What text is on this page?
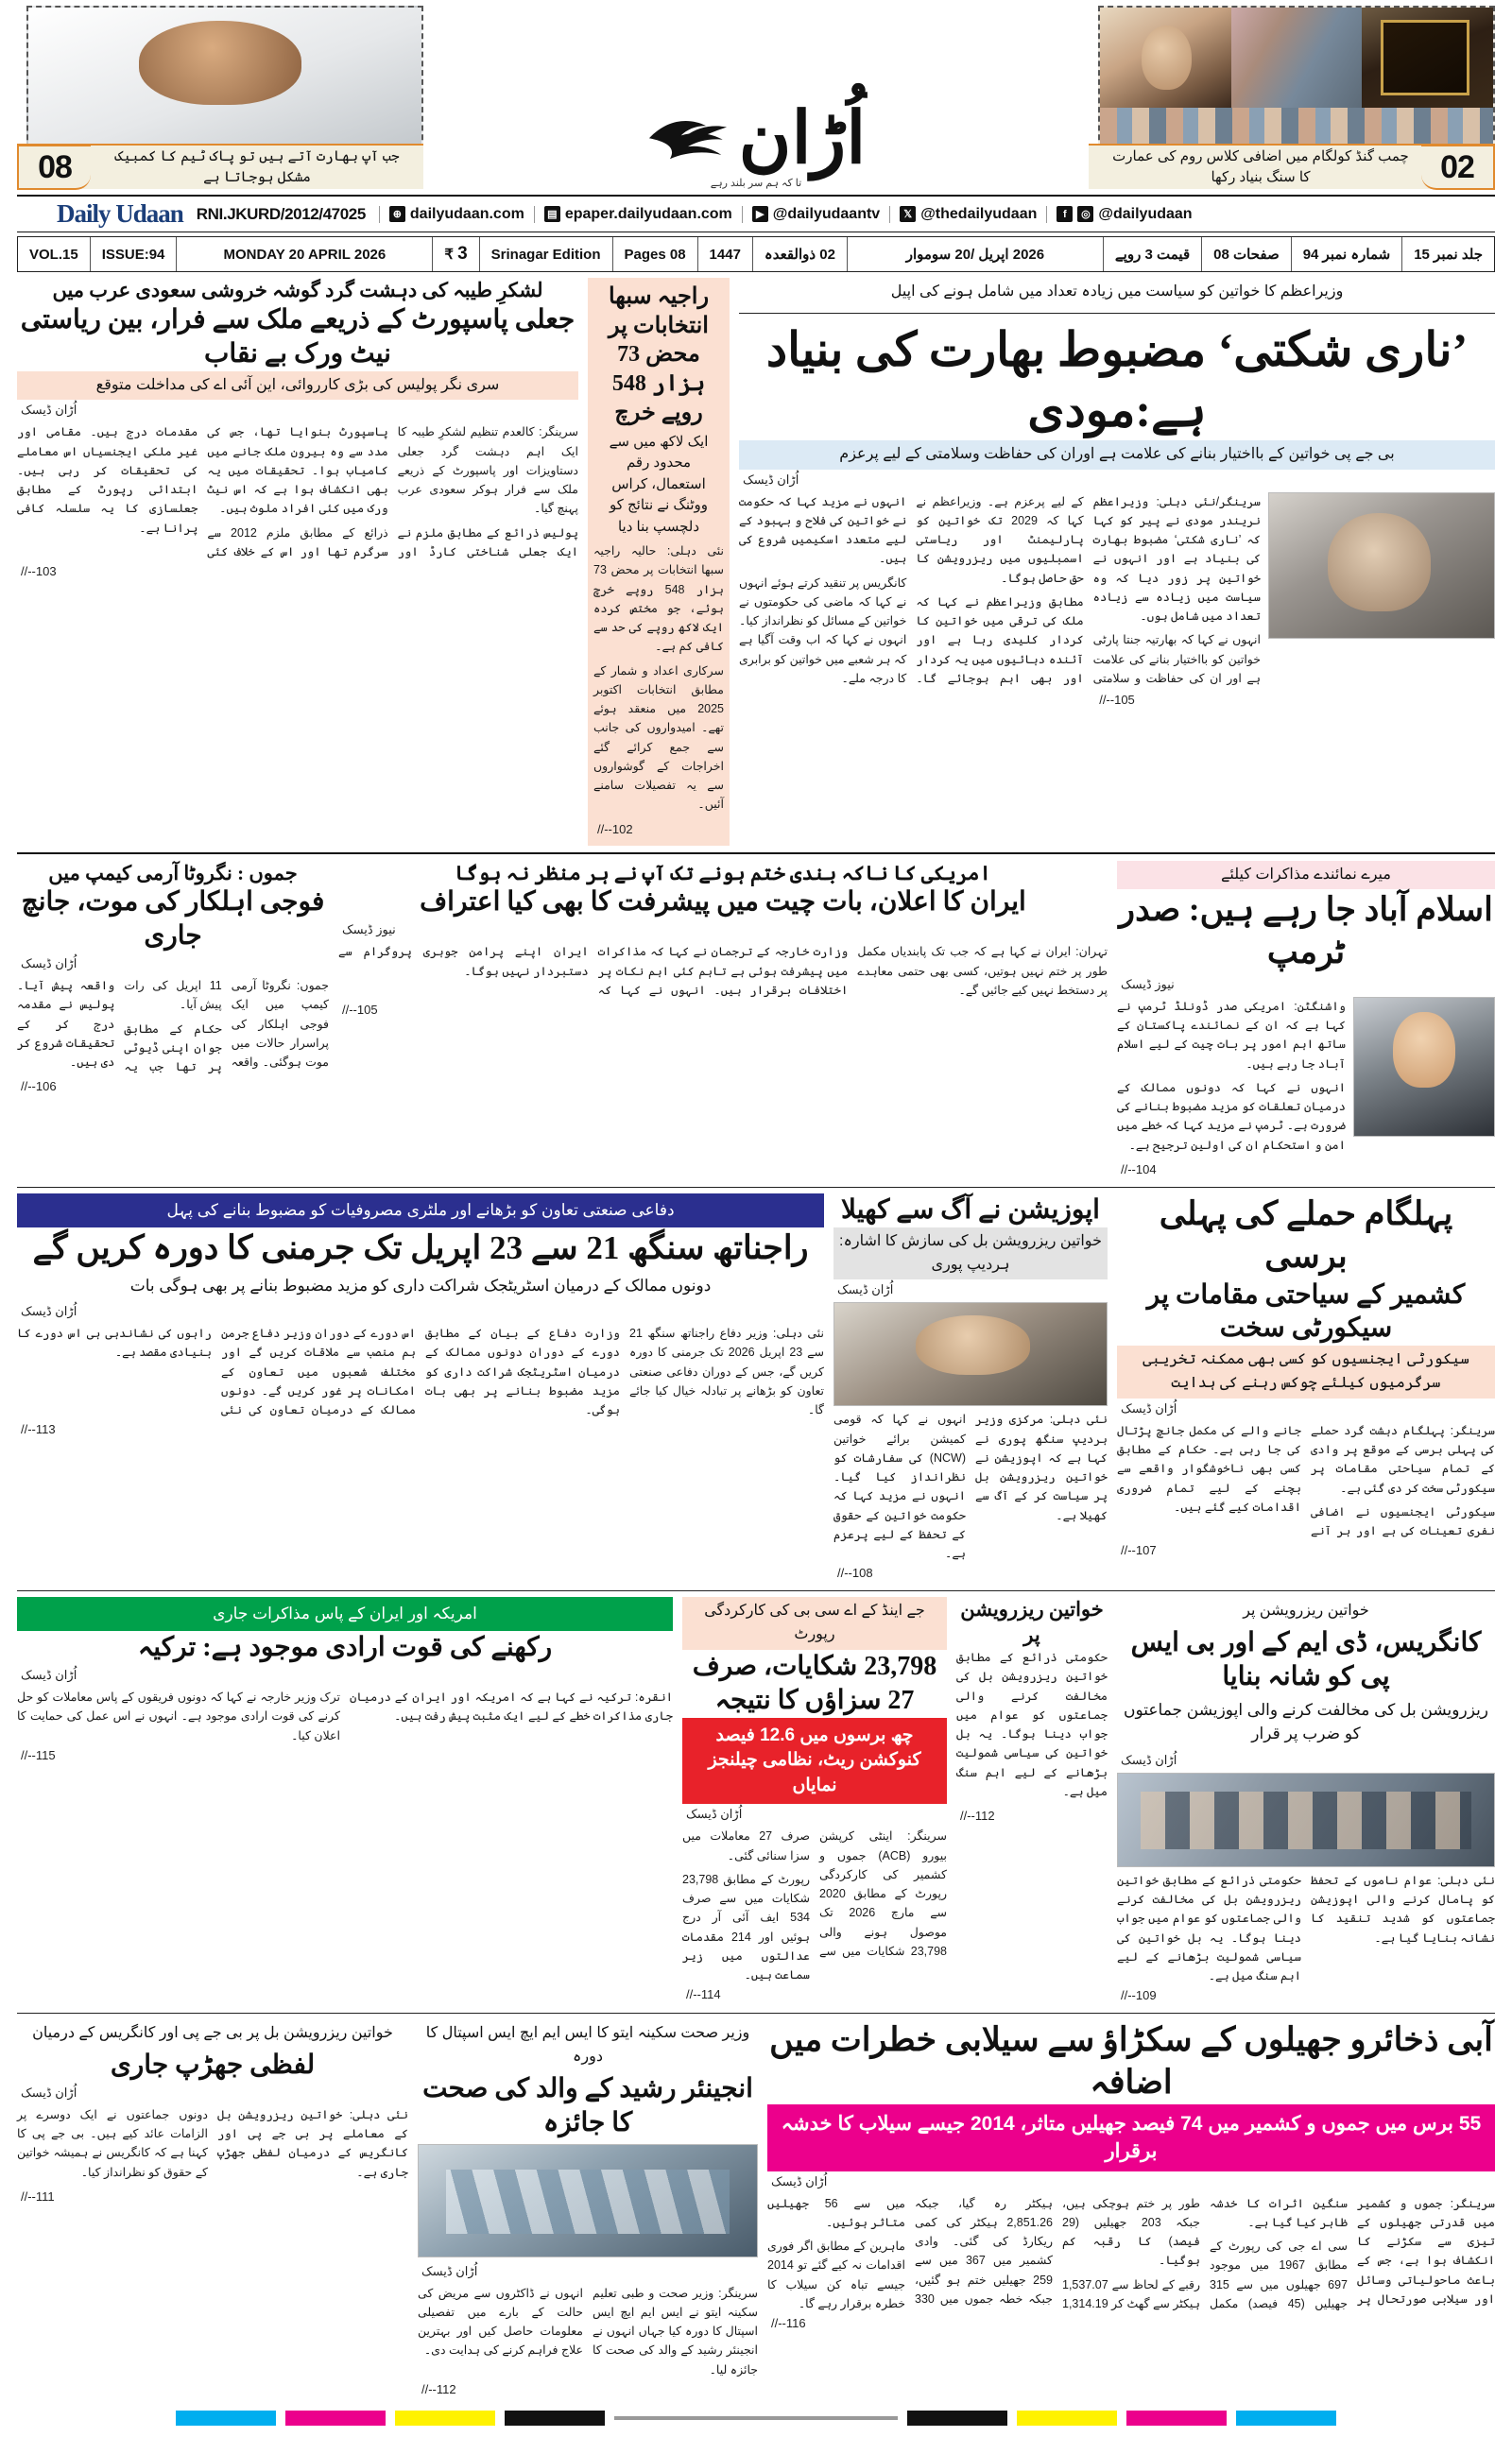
02
چمب گنڈ کولگام میں اضافی کلاس روم کی عمارت کا سنگ بنیاد رکھا
اُڑان
تا کہ ہم سر بلند رہے
08	جب آپ بھارت آتے ہیں تو پاک ٹیم کا کمبیک مشکل ہوجاتا ہے
Daily Udaan RNI.JKURD/2012/47025	⊕ dailyudaan.com ▤ epaper.dailyudaan.com	▶ @dailyudaantv	𝕏 @thedailyudaan	f	◎ @dailyudaan
VOL.15	ISSUE:94	MONDAY 20 APRIL 2026	₹
3	Srinagar Edition	Pages 08	1447	02 ذوالقعدہ	2026 اپریل /20 سوموار	قیمت 3 روپے	صفحات 08	شمارہ نمبر 94	جلد نمبر 15
وزیراعظم کا خواتین کو سیاست میں زیادہ تعداد میں شامل ہونے کی اپیل
’ناری شکتی‘ مضبوط بھارت کی بنیاد ہے:مودی
بی جے پی خواتین کے بااختیار بنانے کی علامت ہے اوران کی حفاظت وسلامتی کے لیے پرعزم
اُڑان ڈیسک

سرینگر/نئی دہلی: وزیراعظم نریندر مودی نے پیر کو کہا کہ ’ناری شکتی‘ مضبوط بھارت کی بنیاد ہے اور انہوں نے خواتین پر زور دیا کہ وہ سیاست میں زیادہ سے زیادہ تعداد میں شامل ہوں۔

انہوں نے کہا کہ بھارتیہ جنتا پارٹی خواتین کو بااختیار بنانے کی علامت ہے اور ان کی حفاظت و سلامتی کے لیے پرعزم ہے۔ وزیراعظم نے کہا کہ 2029 تک خواتین کو پارلیمنٹ اور ریاستی اسمبلیوں میں ریزرویشن کا حق حاصل ہوگا۔

مطابق وزیراعظم نے کہا کہ ملک کی ترقی میں خواتین کا کردار کلیدی رہا ہے اور آئندہ دہائیوں میں یہ کردار اور بھی اہم ہوجائے گا۔ انہوں نے مزید کہا کہ حکومت نے خواتین کی فلاح و بہبود کے لیے متعدد اسکیمیں شروع کی ہیں۔

کانگریس پر تنقید کرتے ہوئے انہوں نے کہا کہ ماضی کی حکومتوں نے خواتین کے مسائل کو نظرانداز کیا۔ انہوں نے کہا کہ اب وقت آگیا ہے کہ ہر شعبے میں خواتین کو برابری کا درجہ ملے۔

105--//
راجیہ سبھا انتخابات پر محض 73 ہزار 548 روپے خرچ
ایک لاکھ میں سے محدود رقم استعمال، کراس ووٹنگ نے نتائج کو دلچسپ بنا دیا

نئی دہلی: حالیہ راجیہ سبھا انتخابات پر محض 73 ہزار 548 روپے خرچ ہوئے، جو مختص کردہ ایک لاکھ روپے کی حد سے کافی کم ہے۔

سرکاری اعداد و شمار کے مطابق انتخابات اکتوبر 2025 میں منعقد ہوئے تھے۔ امیدواروں کی جانب سے جمع کرائے گئے اخراجات کے گوشواروں سے یہ تفصیلات سامنے آئیں۔

102--//
لشکرِ طیبہ کی دہشت گرد گوشہ خروشی سعودی عرب میں
جعلی پاسپورٹ کے ذریعے ملک سے فرار، بین ریاستی نیٹ ورک بے نقاب
سری نگر پولیس کی بڑی کارروائی، این آئی اے کی مداخلت متوقع
اُڑان ڈیسک

سرینگر: کالعدم تنظیم لشکرِ طیبہ کا ایک اہم دہشت گرد جعلی دستاویزات اور پاسپورٹ کے ذریعے ملک سے فرار ہوکر سعودی عرب پہنچ گیا۔

پولیس ذرائع کے مطابق ملزم نے ایک جعلی شناختی کارڈ اور پاسپورٹ بنوایا تھا، جس کی مدد سے وہ بیرون ملک جانے میں کامیاب ہوا۔ تحقیقات میں یہ بھی انکشاف ہوا ہے کہ اس نیٹ ورک میں کئی افراد ملوث ہیں۔

ذرائع کے مطابق ملزم 2012 سے سرگرم تھا اور اس کے خلاف کئی مقدمات درج ہیں۔ مقامی اور غیر ملکی ایجنسیاں اس معاملے کی تحقیقات کر رہی ہیں۔ ابتدائی رپورٹ کے مطابق جعلسازی کا یہ سلسلہ کافی پرانا ہے۔

103--//
میرے نمائندے مذاکرات کیلئے
اسلام آباد جا رہے ہیں: صدر ٹرمپ
نیوز ڈیسک

واشنگٹن: امریکی صدر ڈونلڈ ٹرمپ نے کہا ہے کہ ان کے نمائندے پاکستان کے ساتھ اہم امور پر بات چیت کے لیے اسلام آباد جا رہے ہیں۔

انہوں نے کہا کہ دونوں ممالک کے درمیان تعلقات کو مزید مضبوط بنانے کی ضرورت ہے۔ ٹرمپ نے مزید کہا کہ خطے میں امن و استحکام ان کی اولین ترجیح ہے۔

104--//
امریکی کا ناکہ بندی ختم ہونے تک آپ نے ہر منظر نہ ہوگا
ایران کا اعلان، بات چیت میں پیشرفت کا بھی کیا اعتراف
نیوز ڈیسک

تہران: ایران نے کہا ہے کہ جب تک پابندیاں مکمل طور پر ختم نہیں ہوتیں، کسی بھی حتمی معاہدے پر دستخط نہیں کیے جائیں گے۔

وزارت خارجہ کے ترجمان نے کہا کہ مذاکرات میں پیشرفت ہوئی ہے تاہم کئی اہم نکات پر اختلافات برقرار ہیں۔ انہوں نے کہا کہ ایران اپنے پرامن جوہری پروگرام سے دستبردار نہیں ہوگا۔

105--//
جموں : نگروٹا آرمی کیمپ میں
فوجی اہلکار کی موت، جانچ جاری
اُڑان ڈیسک

جموں: نگروٹا آرمی کیمپ میں ایک فوجی اہلکار کی پراسرار حالات میں موت ہوگئی۔ واقعہ 11 اپریل کی رات پیش آیا۔

حکام کے مطابق جوان اپنی ڈیوٹی پر تھا جب یہ واقعہ پیش آیا۔ پولیس نے مقدمہ درج کر کے تحقیقات شروع کر دی ہیں۔

106--//
پہلگام حملے کی پہلی برسی
کشمیر کے سیاحتی مقامات پر سیکورٹی سخت
سیکورٹی ایجنسیوں کو کسی بھی ممکنہ تخریبی سرگرمیوں کیلئے چوکس رہنے کی ہدایت
اُڑان ڈیسک

سرینگر: پہلگام دہشت گرد حملے کی پہلی برسی کے موقع پر وادی کے تمام سیاحتی مقامات پر سیکورٹی سخت کر دی گئی ہے۔

سیکورٹی ایجنسیوں نے اضافی نفری تعینات کی ہے اور ہر آنے جانے والے کی مکمل جانچ پڑتال کی جا رہی ہے۔ حکام کے مطابق کسی بھی ناخوشگوار واقعے سے بچنے کے لیے تمام ضروری اقدامات کیے گئے ہیں۔

107--//
اپوزیشن نے آگ سے کھیلا
خواتین ریزرویشن بل کی سازش کا اشارہ: ہردیپ پوری
اُڑان ڈیسک

نئی دہلی: مرکزی وزیر ہردیپ سنگھ پوری نے کہا ہے کہ اپوزیشن نے خواتین ریزرویشن بل پر سیاست کر کے آگ سے کھیلا ہے۔

انہوں نے کہا کہ قومی کمیشن برائے خواتین (NCW) کی سفارشات کو نظرانداز کیا گیا۔ انہوں نے مزید کہا کہ حکومت خواتین کے حقوق کے تحفظ کے لیے پرعزم ہے۔

108--//
دفاعی صنعتی تعاون کو بڑھانے اور ملٹری مصروفیات کو مضبوط بنانے کی پہل
راجناتھ سنگھ 21 سے 23 اپریل تک جرمنی کا دورہ کریں گے
دونوں ممالک کے درمیان اسٹریٹجک شراکت داری کو مزید مضبوط بنانے پر بھی ہوگی بات
اُڑان ڈیسک

نئی دہلی: وزیر دفاع راجناتھ سنگھ 21 سے 23 اپریل 2026 تک جرمنی کا دورہ کریں گے، جس کے دوران دفاعی صنعتی تعاون کو بڑھانے پر تبادلہ خیال کیا جائے گا۔

وزارت دفاع کے بیان کے مطابق دورے کے دوران دونوں ممالک کے درمیان اسٹریٹجک شراکت داری کو مزید مضبوط بنانے پر بھی بات ہوگی۔

اس دورے کے دوران وزیر دفاع جرمن ہم منصب سے ملاقات کریں گے اور مختلف شعبوں میں تعاون کے امکانات پر غور کریں گے۔ دونوں ممالک کے درمیان تعاون کی نئی راہوں کی نشاندہی ہی اس دورے کا بنیادی مقصد ہے۔

113--//
خواتین ریزرویشن پر
کانگریس، ڈی ایم کے اور بی ایس پی کو شانہ بنایا
ریزرویشن بل کی مخالفت کرنے والی اپوزیشن جماعتوں کو ضرب پر قرار
اُڑان ڈیسک

نئی دہلی: عوام ناموں کے تحفظ کو پامال کرنے والی اپوزیشن جماعتوں کو شدید تنقید کا نشانہ بنایا گیا ہے۔

حکومتی ذرائع کے مطابق خواتین ریزرویشن بل کی مخالفت کرنے والی جماعتوں کو عوام میں جواب دینا ہوگا۔ یہ بل خواتین کی سیاسی شمولیت بڑھانے کے لیے اہم سنگ میل ہے۔

109--//
خواتین ریزرویشن پر

حکومتی ذرائع کے مطابق خواتین ریزرویشن بل کی مخالفت کرنے والی جماعتوں کو عوام میں جواب دینا ہوگا۔ یہ بل خواتین کی سیاسی شمولیت بڑھانے کے لیے اہم سنگ میل ہے۔

112--//
جے اینڈ کے اے سی بی کی کارکردگی رپورٹ
23,798 شکایات، صرف 27 سزاؤں کا نتیجہ
چھ برسوں میں 12.6 فیصد کنوکشن ریٹ، نظامی چیلنجز نمایاں
اُڑان ڈیسک

سرینگر: اینٹی کرپشن بیورو (ACB) جموں و کشمیر کی کارکردگی رپورٹ کے مطابق 2020 سے مارچ 2026 تک موصول ہونے والی 23,798 شکایات میں سے صرف 27 معاملات میں سزا سنائی گئی۔

رپورٹ کے مطابق 23,798 شکایات میں سے صرف 534 ایف آئی آر درج ہوئیں اور 214 مقدمات عدالتوں میں زیر سماعت ہیں۔

114--//
امریکہ اور ایران کے پاس مذاکرات جاری
رکھنے کی قوت ارادی موجود ہے: ترکیہ
اُڑان ڈیسک

انقرہ: ترکیہ نے کہا ہے کہ امریکہ اور ایران کے درمیان جاری مذاکرات خطے کے لیے ایک مثبت پیش رفت ہیں۔

ترک وزیر خارجہ نے کہا کہ دونوں فریقوں کے پاس معاملات کو حل کرنے کی قوت ارادی موجود ہے۔ انہوں نے اس عمل کی حمایت کا اعلان کیا۔

115--//
آبی ذخائرو جھیلوں کے سکڑاؤ سے سیلابی خطرات میں اضافہ
55 برس میں جموں و کشمیر میں 74 فیصد جھیلیں متاثر، 2014 جیسے سیلاب کا خدشہ برقرار
اُڑان ڈیسک

سرینگر: جموں و کشمیر میں قدرتی جھیلوں کے تیزی سے سکڑنے کا انکشاف ہوا ہے، جس کے باعث ماحولیاتی وسائل اور سیلابی صورتحال پر سنگین اثرات کا خدشہ ظاہر کیا گیا ہے۔

سی اے جی کی رپورٹ کے مطابق 1967 میں موجود 697 جھیلوں میں سے 315 جھیلیں (45 فیصد) مکمل طور پر ختم ہوچکی ہیں، جبکہ 203 جھیلیں (29 فیصد) کا رقبہ کم ہوگیا۔

رقبے کے لحاظ سے 1,537.07 ہیکٹر سے گھٹ کر 1,314.19 ہیکٹر رہ گیا، جبکہ 2,851.26 ہیکٹر کی کمی ریکارڈ کی گئی۔ وادی کشمیر میں 367 میں سے 259 جھیلیں ختم ہو گئیں، جبکہ خطہ جموں میں 330 میں سے 56 جھیلیں متاثر ہوئیں۔

ماہرین کے مطابق اگر فوری اقدامات نہ کیے گئے تو 2014 جیسے تباہ کن سیلاب کا خطرہ برقرار رہے گا۔

116--//
وزیر صحت سکینہ ایتو کا ایس ایم ایچ ایس اسپتال کا دورہ
انجینئر رشید کے والد کی صحت کا جائزہ
اُڑان ڈیسک

سرینگر: وزیر صحت و طبی تعلیم سکینہ ایتو نے ایس ایم ایچ ایس اسپتال کا دورہ کیا جہاں انہوں نے انجینئر رشید کے والد کی صحت کا جائزہ لیا۔

انہوں نے ڈاکٹروں سے مریض کی حالت کے بارے میں تفصیلی معلومات حاصل کیں اور بہترین علاج فراہم کرنے کی ہدایت دی۔

112--//
خواتین ریزرویشن بل پر بی جے پی اور کانگریس کے درمیان
لفظی جھڑپ جاری
اُڑان ڈیسک

نئی دہلی: خواتین ریزرویشن بل کے معاملے پر بی جے پی اور کانگریس کے درمیان لفظی جھڑپ جاری ہے۔

دونوں جماعتوں نے ایک دوسرے پر الزامات عائد کیے ہیں۔ بی جے پی کا کہنا ہے کہ کانگریس نے ہمیشہ خواتین کے حقوق کو نظرانداز کیا۔

111--//
